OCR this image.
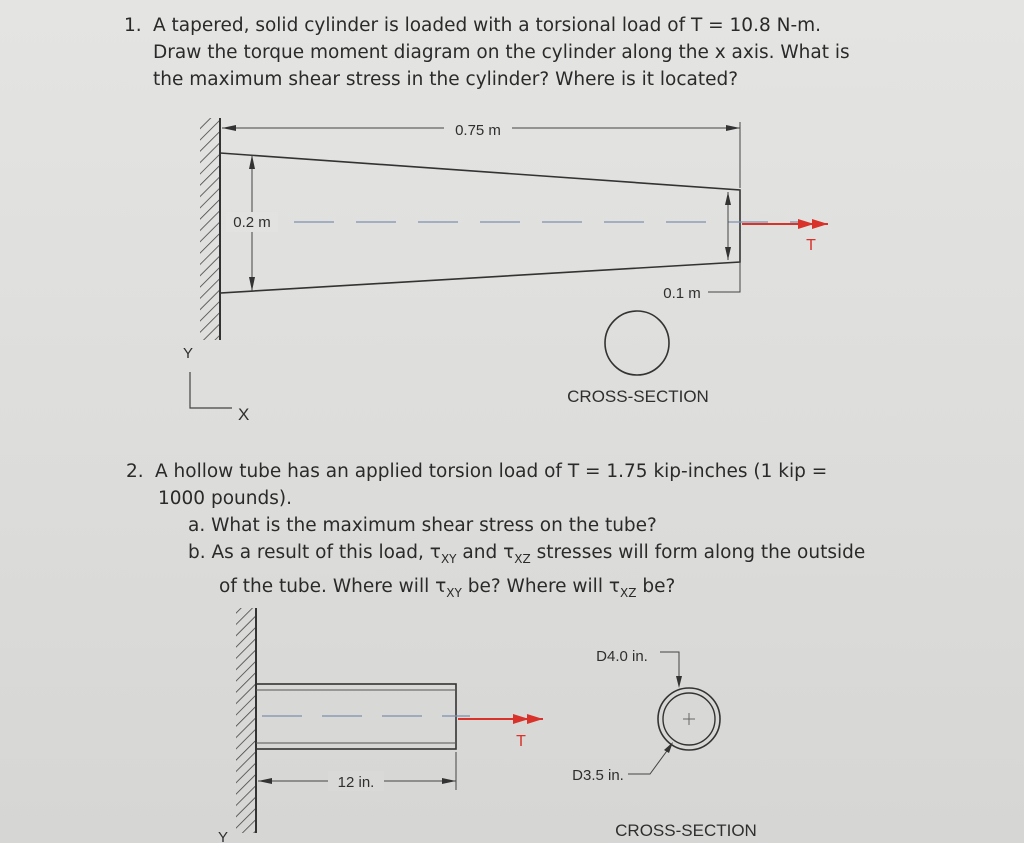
1. A tapered, solid cylinder is loaded with a torsional load of T = 10.8 N-m.
Draw the torque moment diagram on the cylinder along the x axis. What is
the maximum shear stress in the cylinder? Where is it located?
2. A hollow tube has an applied torsion load of T = 1.75 kip-inches (1 kip =
1000 pounds).
a. What is the maximum shear stress on the tube?
b. As a result of this load, $\tau_{XY}$ and $\tau_{XZ}$ stresses will form along the outside
of the tube. Where will $\tau_{XY}$ be? Where will $\tau_{XZ}$ be?
0.75 m
0.2 m
0.1 m
T
CROSS-SECTION
Y
X
T
12 in.
D4.0 in.
D3.5 in.
CROSS-SECTION
Y
